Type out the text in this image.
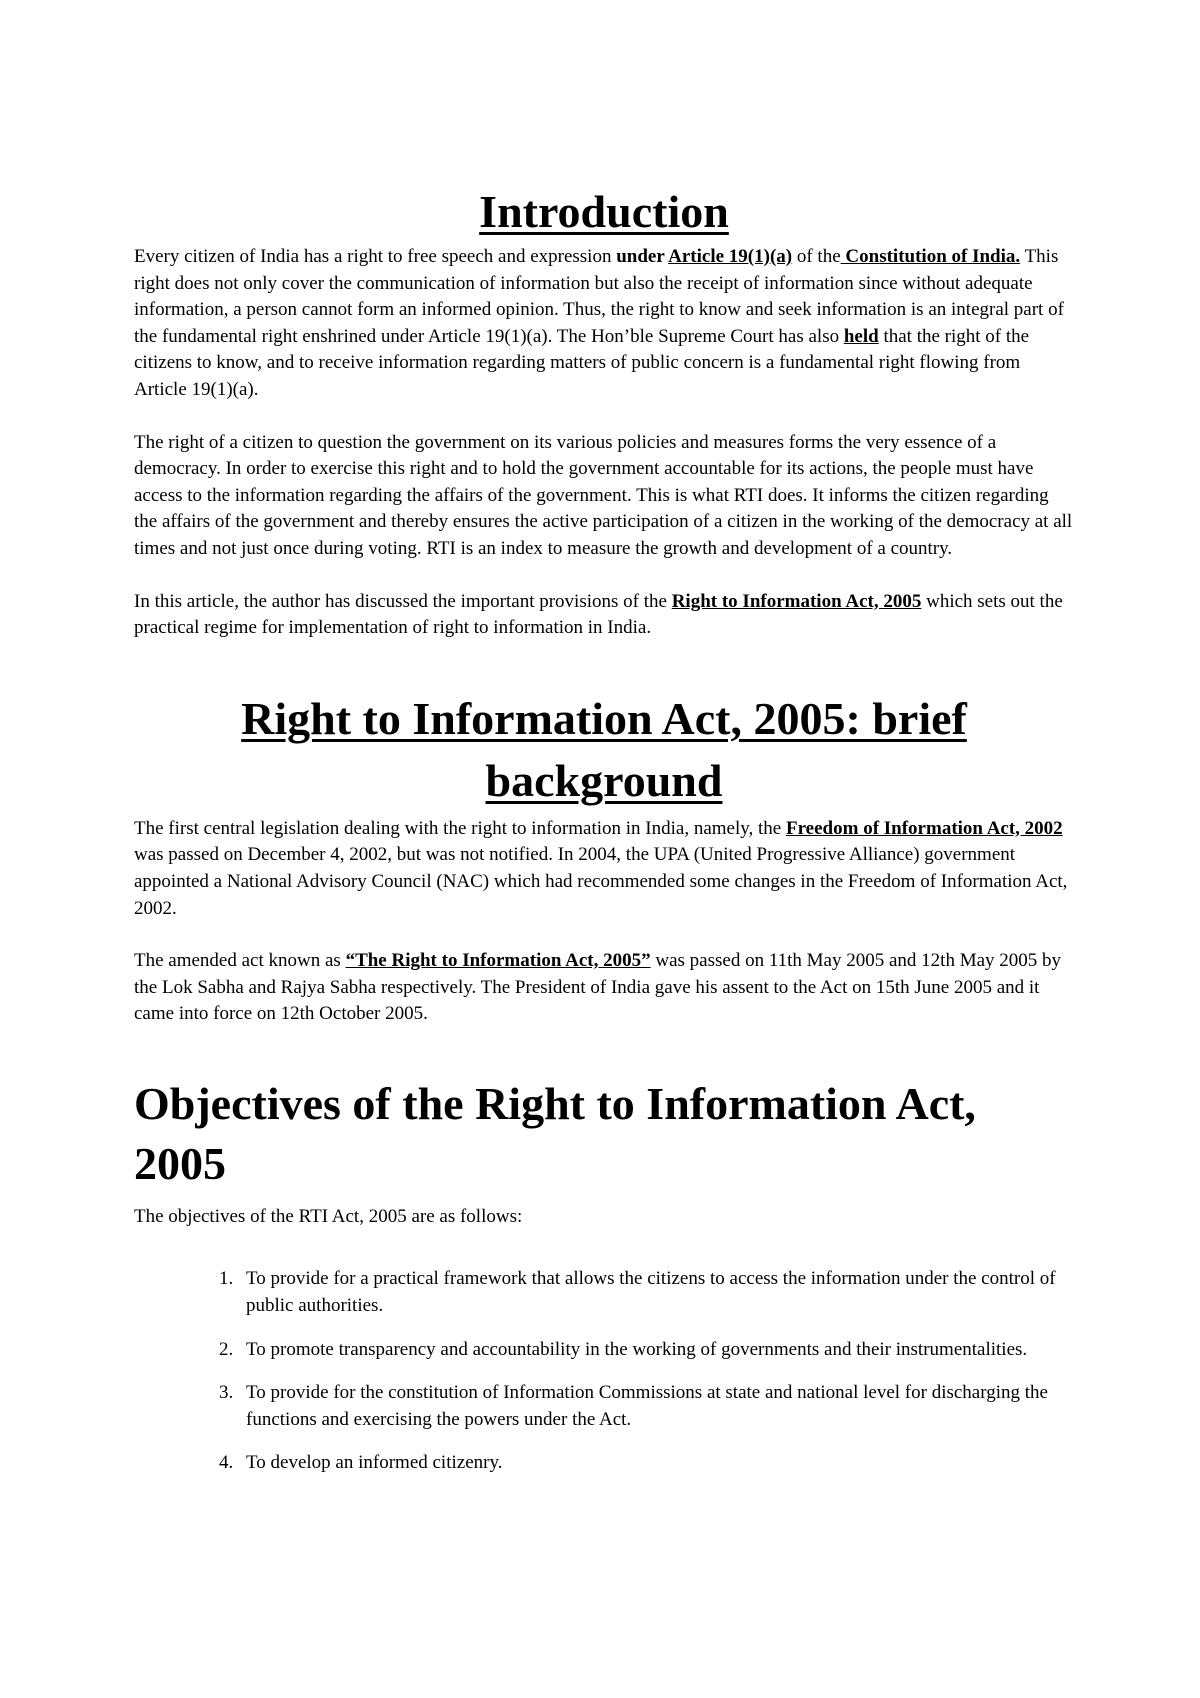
Introduction

Every citizen of India has a right to free speech and expression under Article 19(1)(a) of the Constitution of India. This right does not only cover the communication of information but also the receipt of information since without adequate information, a person cannot form an informed opinion. Thus, the right to know and seek information is an integral part of the fundamental right enshrined under Article 19(1)(a). The Hon’ble Supreme Court has also held that the right of the citizens to know, and to receive information regarding matters of public concern is a fundamental right flowing from Article 19(1)(a).

The right of a citizen to question the government on its various policies and measures forms the very essence of a democracy. In order to exercise this right and to hold the government accountable for its actions, the people must have access to the information regarding the affairs of the government. This is what RTI does. It informs the citizen regarding the affairs of the government and thereby ensures the active participation of a citizen in the working of the democracy at all times and not just once during voting. RTI is an index to measure the growth and development of a country.

In this article, the author has discussed the important provisions of the Right to Information Act, 2005 which sets out the practical regime for implementation of right to information in India.

Right to Information Act, 2005: brief background

The first central legislation dealing with the right to information in India, namely, the Freedom of Information Act, 2002 was passed on December 4, 2002, but was not notified. In 2004, the UPA (United Progressive Alliance) government appointed a National Advisory Council (NAC) which had recommended some changes in the Freedom of Information Act, 2002.

The amended act known as “The Right to Information Act, 2005” was passed on 11th May 2005 and 12th May 2005 by the Lok Sabha and Rajya Sabha respectively. The President of India gave his assent to the Act on 15th June 2005 and it came into force on 12th October 2005.

Objectives of the Right to Information Act, 2005

The objectives of the RTI Act, 2005 are as follows:

1. To provide for a practical framework that allows the citizens to access the information under the control of public authorities.
2. To promote transparency and accountability in the working of governments and their instrumentalities.
3. To provide for the constitution of Information Commissions at state and national level for discharging the functions and exercising the powers under the Act.
4. To develop an informed citizenry.
